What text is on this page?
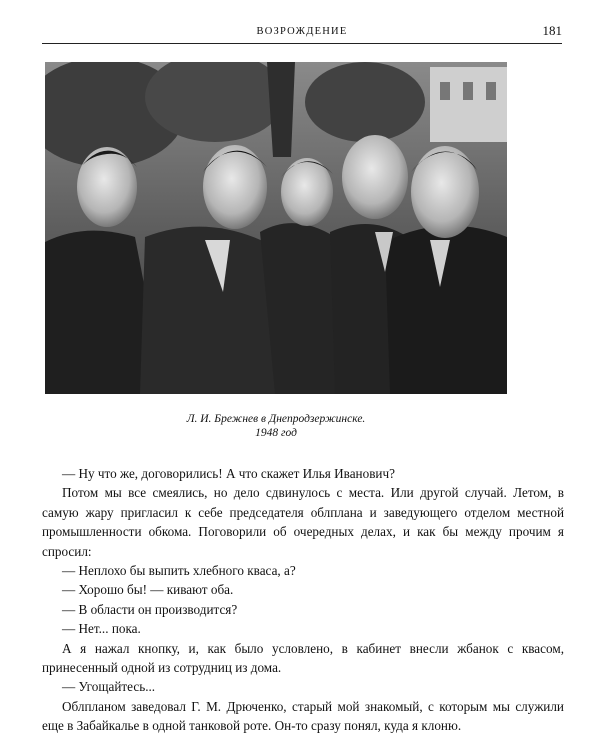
ВОЗРОЖДЕНИЕ	181
Л. И. Брежнев в Днепродзержинске.
1948 год

— Ну что же, договорились! А что скажет Илья Иванович?

Потом мы все смеялись, но дело сдвинулось с места. Или другой случай. Летом, в самую жару пригласил к себе председателя облплана и заведующего отделом местной промышленности обкома. Поговорили об очередных делах, и как бы между прочим я спросил:

— Неплохо бы выпить хлебного кваса, а?

— Хорошо бы! — кивают оба.

— В области он производится?

— Нет... пока.

А я нажал кнопку, и, как было условлено, в кабинет внесли жбанок с квасом, принесенный одной из сотрудниц из дома.

— Угощайтесь...

Облпланом заведовал Г. М. Дрюченко, старый мой знакомый, с которым мы служили еще в Забайкалье в одной танковой роте. Он-то сразу понял, куда я клоню.
